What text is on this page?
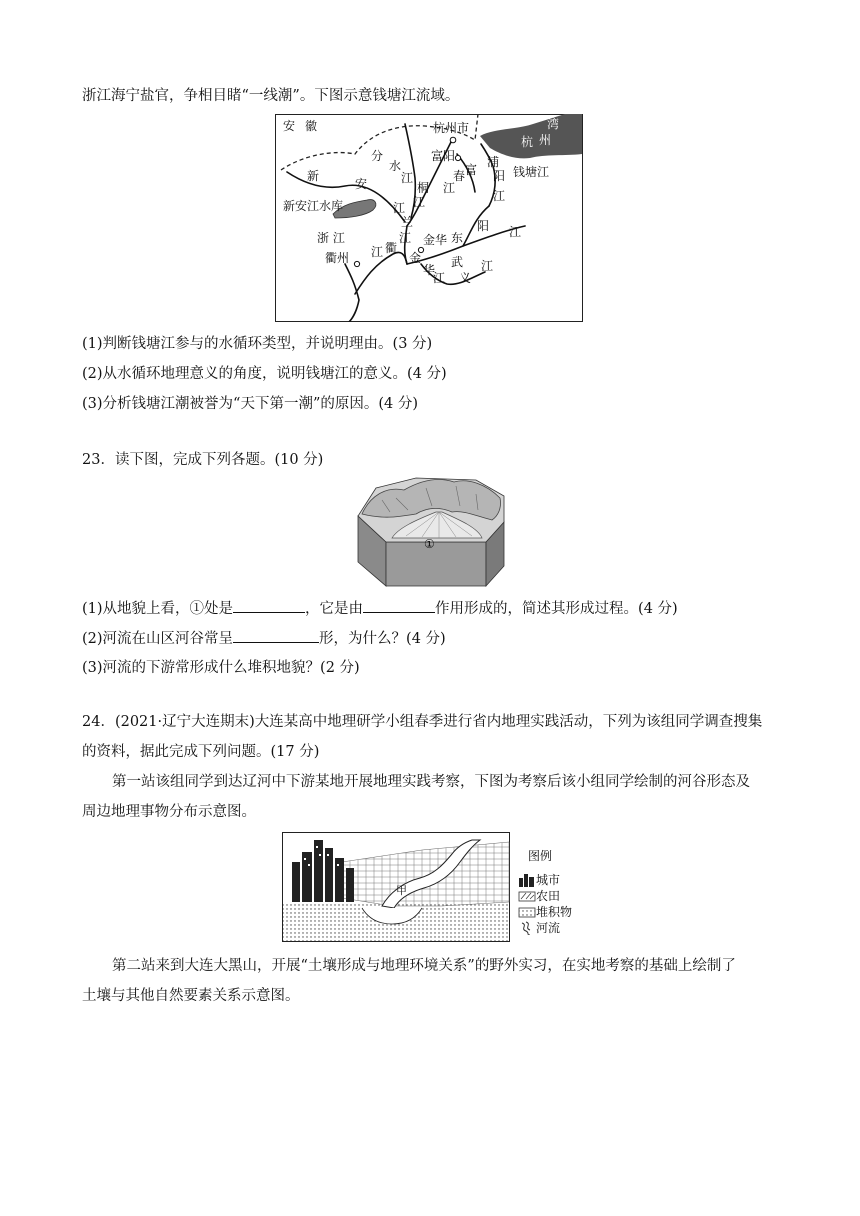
浙江海宁盐官，争相目睹“一线潮”。下图示意钱塘江流域。
安 徽	杭州市	湾
杭 州
分
水
江
富阳
富
春
江
桐
江
浦
阳
江
钱塘江
新
安
江
新安江水库
兰
江
浙 江
衢州 江 衢
金华 东
阳 江
金
华
江
武
义
江
(1)判断钱塘江参与的水循环类型，并说明理由。(3 分)
(2)从水循环地理意义的角度，说明钱塘江的意义。(4 分)
(3)分析钱塘江潮被誉为“天下第一潮”的原因。(4 分)
23．读下图，完成下列各题。(10 分)
①
(1)从地貌上看，①处是	，它是由	作用形成的，简述其形成过程。(4 分)
(2)河流在山区河谷常呈	形，为什么？(4 分)
(3)河流的下游常形成什么堆积地貌？(2 分)
24．(2021·辽宁大连期末)大连某高中地理研学小组春季进行省内地理实践活动，下列为该组同学调查搜集
的资料，据此完成下列问题。(17 分)
第一站该组同学到达辽河中下游某地开展地理实践考察，下图为考察后该小组同学绘制的河谷形态及
周边地理事物分布示意图。
甲
图例
城市
农田
堆积物
河流
第二站来到大连大黑山，开展“土壤形成与地理环境关系”的野外实习，在实地考察的基础上绘制了
土壤与其他自然要素关系示意图。
